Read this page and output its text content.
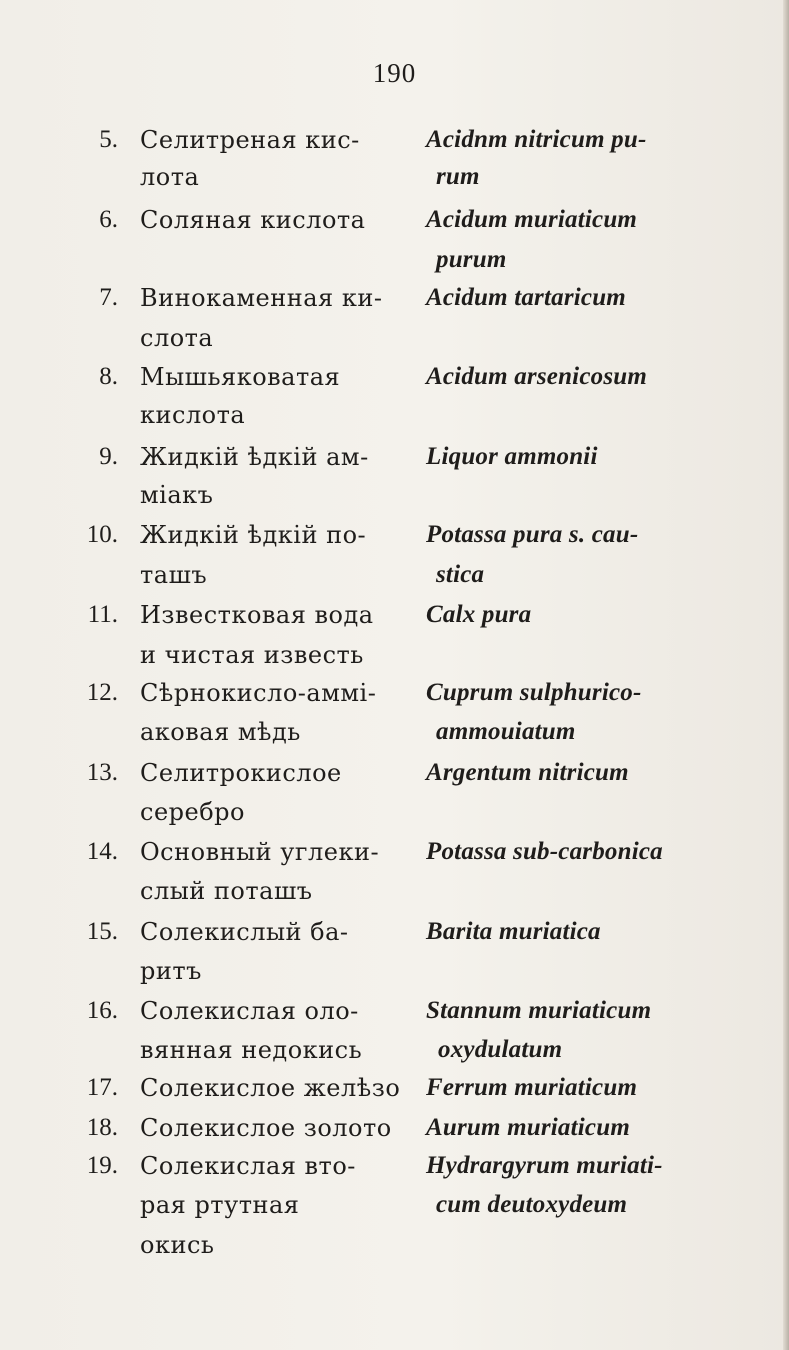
190
5. Селитреная кис-
лота
Acidnm nitricum pu-
rum
6. Соляная кислота Acidum muriaticum
purum
7. Винокаменная ки-
слота
Acidum tartaricum
8. Мышьяковатая
кислота
Acidum arsenicosum
9. Жидкій ѣдкій ам-
міакъ
Liquor ammonii
10. Жидкій ѣдкій по-
ташъ
Potassa pura s. cau-
stica
11. Известковая вода
и чистая известь
Calx pura
12. Сѣрнокисло-аммі-
аковая мѣдь
Cuprum sulphurico-
ammouiatum
13. Селитрокислое
серебро
Argentum nitricum
14. Основный углеки-
слый поташъ
Potassa sub-carbonica
15. Солекислый ба-
ритъ
Barita muriatica
16. Солекислая оло-
вянная недокись
Stannum muriaticum
oxydulatum
17. Солекислое желѣзо Ferrum muriaticum
18. Солекислое золото Aurum muriaticum
19. Солекислая вто-
рая ртутная
окись
Hydrargyrum muriati-
cum deutoxydeum
